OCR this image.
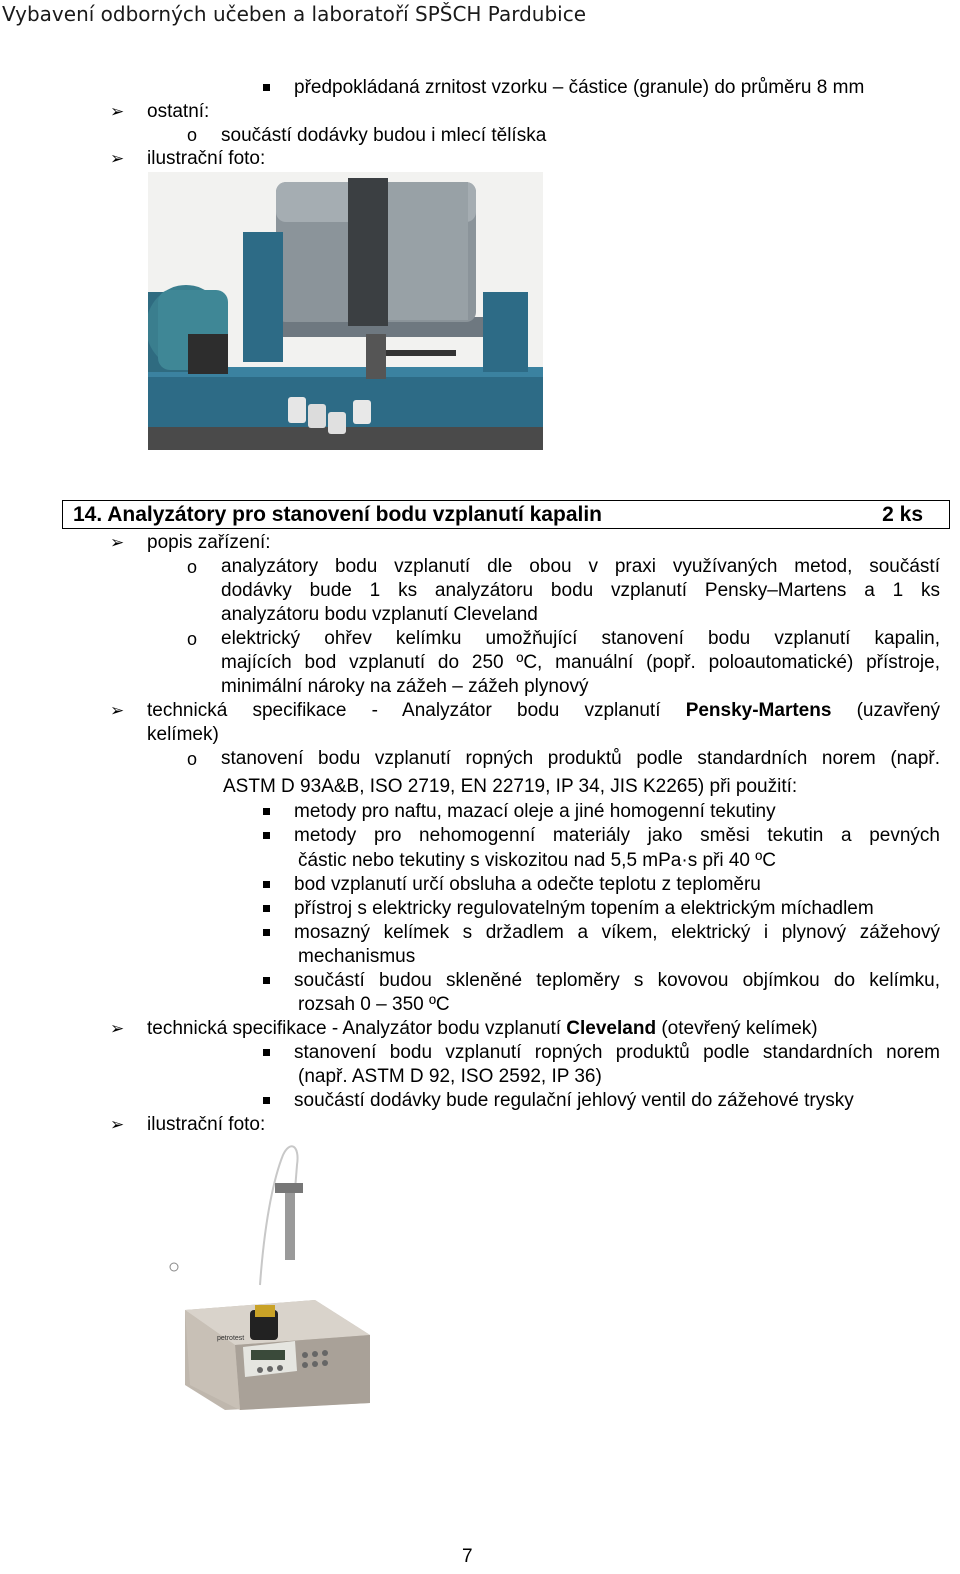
Vybavení odborných učeben a laboratoří SPŠCH Pardubice
předpokládaná zrnitost vzorku – částice (granule) do průměru 8 mm
➢ ostatní:
o součástí dodávky budou i mlecí tělíska
➢ ilustrační foto:
14. Analyzátory pro stanovení bodu vzplanutí kapalin	2 ks
➢ popis zařízení:
o analyzátory bodu vzplanutí dle obou v praxi využívaných metod, součástí
dodávky bude 1 ks analyzátoru bodu vzplanutí Pensky–Martens a 1 ks
analyzátoru bodu vzplanutí Cleveland
o elektrický ohřev kelímku umožňující stanovení bodu vzplanutí kapalin,
majících bod vzplanutí do 250 ºC, manuální (popř. poloautomatické) přístroje,
minimální nároky na zážeh – zážeh plynový
➢ technická specifikace - Analyzátor bodu vzplanutí Pensky-Martens (uzavřený
kelímek)
o stanovení bodu vzplanutí ropných produktů podle standardních norem (např.
ASTM D 93A&B, ISO 2719, EN 22719, IP 34, JIS K2265) při použití:
metody pro naftu, mazací oleje a jiné homogenní tekutiny
metody pro nehomogenní materiály jako směsi tekutin a pevných
částic nebo tekutiny s viskozitou nad 5,5 mPa·s při 40 ºC
bod vzplanutí určí obsluha a odečte teplotu z teploměru
přístroj s elektricky regulovatelným topením a elektrickým míchadlem
mosazný kelímek s držadlem a víkem, elektrický i plynový zážehový
mechanismus
součástí budou skleněné teploměry s kovovou objímkou do kelímku,
rozsah 0 – 350 ºC
➢ technická specifikace - Analyzátor bodu vzplanutí Cleveland (otevřený kelímek)
stanovení bodu vzplanutí ropných produktů podle standardních norem
(např. ASTM D 92, ISO 2592, IP 36)
součástí dodávky bude regulační jehlový ventil do zážehové trysky
➢ ilustrační foto:
petrotest
7
